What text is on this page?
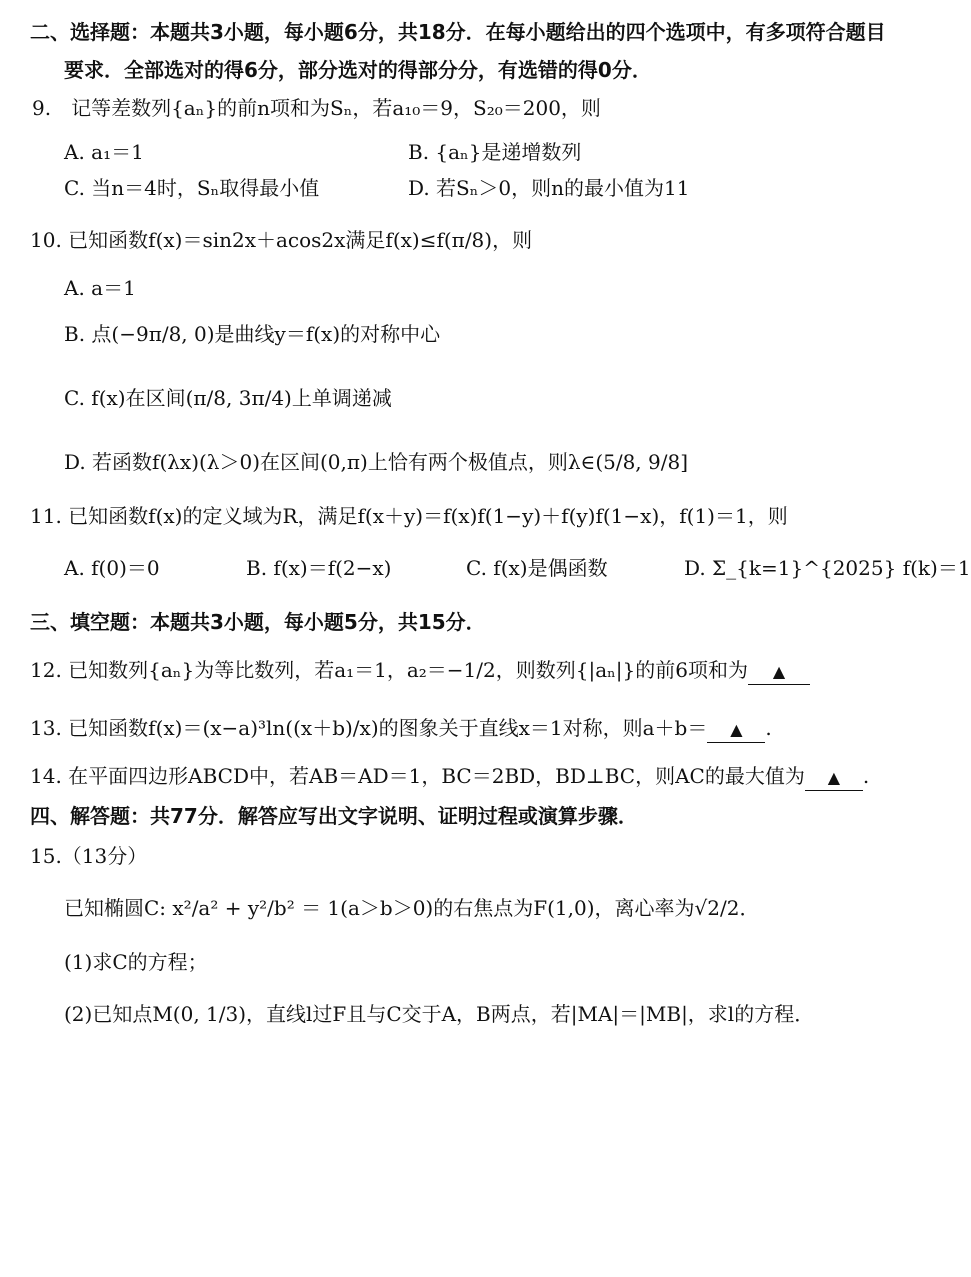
二、选择题：本题共3小题，每小题6分，共18分．在每小题给出的四个选项中，有多项符合题目
要求．全部选对的得6分，部分选对的得部分分，有选错的得0分．
9.　记等差数列{aₙ}的前n项和为Sₙ，若a₁₀＝9，S₂₀＝200，则
A. a₁＝1	B. {aₙ}是递增数列
C. 当n＝4时，Sₙ取得最小值	D. 若Sₙ＞0，则n的最小值为11
10. 已知函数f(x)＝sin2x＋acos2x满足f(x)≤f(π/8)，则
A. a＝1
B. 点(−9π/8, 0)是曲线y＝f(x)的对称中心
C. f(x)在区间(π/8, 3π/4)上单调递减
D. 若函数f(λx)(λ＞0)在区间(0,π)上恰有两个极值点，则λ∈(5/8, 9/8]
11. 已知函数f(x)的定义域为R，满足f(x＋y)＝f(x)f(1−y)＋f(y)f(1−x)，f(1)＝1，则
A. f(0)＝0	B. f(x)＝f(2−x)	C. f(x)是偶函数	D. Σ_{k=1}^{2025} f(k)＝1
三、填空题：本题共3小题，每小题5分，共15分．
12. 已知数列{aₙ}为等比数列，若a₁＝1，a₂＝−1/2，则数列{|aₙ|}的前6项和为 ▲
13. 已知函数f(x)＝(x−a)³ln((x＋b)/x)的图象关于直线x＝1对称，则a＋b＝ ▲ .
14. 在平面四边形ABCD中，若AB＝AD＝1，BC＝2BD，BD⊥BC，则AC的最大值为 ▲ .
四、解答题：共77分．解答应写出文字说明、证明过程或演算步骤．
15.（13分）
已知椭圆C: x²/a² + y²/b² ＝ 1(a＞b＞0)的右焦点为F(1,0)，离心率为√2/2．
(1)求C的方程；
(2)已知点M(0, 1/3)，直线l过F且与C交于A，B两点，若|MA|＝|MB|，求l的方程．
